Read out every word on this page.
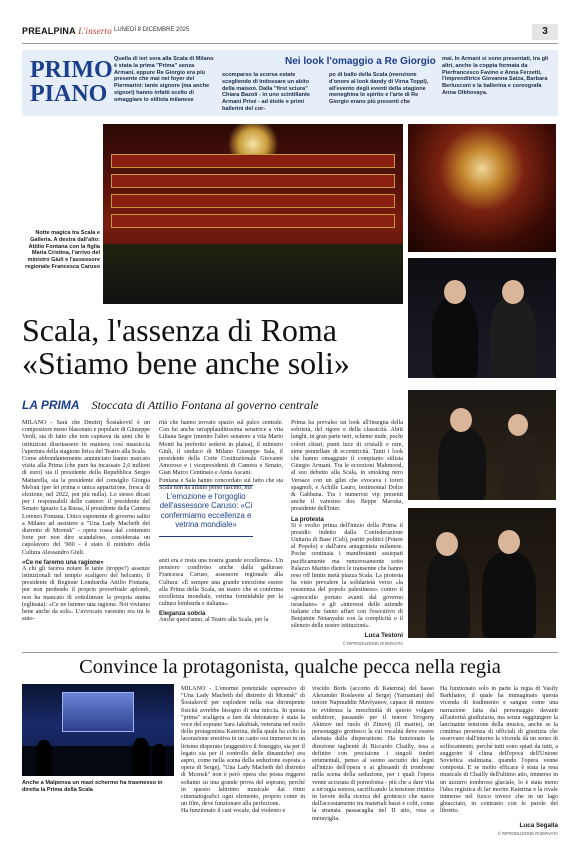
PREALPINA L'inserto LUNEDÌ 8 DICEMBRE 2025	3
PRIMO
PIANO
Quella di ieri sera alla Scala di Milano è stata la prima "Prima" senza Armani, eppure Re Giorgio era più presente che mai nei foyer del Piermarini: tante signore (ma anche signori) hanno infatti scelto di omaggiare lo stilista milanese
Nei look l'omaggio a Re Giorgio
scomparso la scorsa estate scegliendo di indossare un abito della maison. Dalla "first sciura" Chiara Bazoli - in uno scintillante Armani Privé - ad étoile e primi ballerini del cor-
po di ballo della Scala (menzione d'onore al look dandy di Virna Toppi), all'evento degli eventi della stagione meneghina lo spirito e l'arte di Re Giorgio erano più presenti che
mai. In Armani si sono presentati, tra gli altri, anche la coppia formata da Pierfrancesco Favino e Anna Ferzetti, l'imprenditrice Giovanna Salza, Barbara Berlusconi e la ballerina e coreografa Anna Olkhovaya.
Notte magica tra Scala e Galleria. A destra dall'alto: Attilio Fontana con la figlia Maria Cristina, l'arrivo del ministro Giuli e l'assessore regionale Francesca Caruso
Scala, l'assenza di Roma «Stiamo bene anche soli»
LA PRIMA Stoccata di Attilio Fontana al governo centrale

MILANO - Sarà che Dmitrij Šostakovič è un compositore meno blasonato e popolare di Giuseppe Verdi, sta di fatto che non capitava da anni che le istituzioni disertassero in maniera così massiccia l'apertura della stagione lirica del Teatro alla Scala.

Come abbondantemente annunciato hanno marcato visita alla Prima (che pure ha incassato 2,6 milioni di euro) sia il presidente della Repubblica Sergio Mattarella, sia la presidente del consiglio Giorgia Meloni (per lei prima e unica apparizione, fresca di elezione, nel 2022, poi più nulla). Lo stesso dicasi per i responsabili delle camere: il presidente del Senato Ignazio La Russa, il presidente della Camera Lorenzo Fontana. Unico esponente di governo salito a Milano ad assistere a "Una Lady Macbeth del distretto di Mcensk" - opera rossa dal contenuto forte per non dire scandaloso, considerata un capolavoro del '900 - è stato il ministro della Cultura Alessandro Giuli.

«Ce ne faremo una ragione»

A chi gli faceva notare le tante (troppe?) assenze istituzionali nel tempio scaligero del belcanto, il presidente di Regione Lombardia Attilio Fontana, pur non perdendo il proprio proverbiale aplomb, non ha mancato di sottolineare la propria amina (eglinata): «Ce ne faremo una ragione. Noi viviamo bene anche da soli». L'avvocato varesino era tra le auto-

rità che hanno trovato spazio sul palco centrale. Con lui anche un'applauditissima senatrice a vita Liliana Segre (mentre l'altro senatore a vita Mario Monti ha preferito sedersi in platea), il ministro Giuli, il sindaco di Milano Giuseppe Sala, il presidente della Corte Costituzionale Giovanni Amoroso e i vicepresidenti di Camera e Senato, Gian Marco Centinaio e Anna Ascani.

Fontana e Sala hanno concordato sul fatto che sta Scala non ha affatto perso fascino, ma

L'emozione e l'orgoglio dell'assessore Caruso: «Ci confermiamo eccellenza e vetrina mondiale»

anzi era e resta una nostra grande eccellenza». Un pensiero condiviso anche dalla gallurase Francesca Caruso, assessore regionale alla Cultura: «È sempre una grande emozione essere alla Prima della Scala, un teatro che si conferma eccellenza mondiale, vetrina formidabile per la cultura lombarda e italiana».

Eleganza sobria

Anche quest'anno, al Teatro alla Scala, per la

Prima ha prevalso un look all'insegna della sobrietà, del rigore e della classicità. Abiti lunghi, in gran parte neri, scheme nude, pochi colori chiari, punti luce di cristalli e rare, sime pennellate di eccentricità. Tanti i look che hanno omaggiato il compianto stilista Giorgio Armani. Tra le eccezioni Mahmood, al suo debutto alla Scala, in smoking nero Versace con un gilet che evocava i toreri spagnoli, e Achille Lauro, testimonial Dolce & Gabbana. Tra i numerosi vip presenti anche il varesino doc Beppe Marotta, presidente dell'Inter.

La protesta

Si è svolto prima dell'inizio della Prima il presidio indetto dalla Confederazione Unitaria di Base (Cub), partiti politici (Potere al Popolo) e dall'area antagonista milanese. Poche centinaia i manifestanti assiepati pacificamente ma rumorosamente sotto Palazzo Marino dietro le transenne che hanno reso off limits metà piazza Scala. La protesta ha visto prevalere la solidarietà verso «la resistenza del popolo palestinese» contro il «genocidio portato avanti dal governo israeliano» e gli «interessi delle aziende italiane che fanno affari con l'esecutivo di Benjamin Netanyahu con la complicità o il silenzio delle nostre istituzioni».

Luca Testoni
© RIPRODUZIONE RISERVATA
Convince la protagonista, qualche pecca nella regia
Anche a Malpensa un maxi schermo ha trasmesso in diretta la Prima della Scala

MILANO - L'enorme potenziale espressivo di "Una Lady Macbeth del distretto di Mcensk" di Šostakovič per esplodere nella sua dirompente fisicità avrebbe bisogno di una miccia. In questa "prima" scaligera a fare da detonatore è stata la voce del soprano Sara Jakubiak, veterana nel ruolo della protagonista Katerina, della quale ha colto la lacerazione emotiva in un canto ora immerso in un lirismo disperato (suggestivo il fraseggio, sia per il legato sia per il controllo delle dinamiche) ora aspro, come nella scena della seduzione esposta a opera di Sergej, "Una Lady Macbeth del distretto di Mcensk" non è però opera che possa reggersi soltanto su una grande prova del soprano, perché in questo labirinto musicale dai ritmi cinematografici ogni elemento, proprio come in un film, deve funzionare alla perfezione.

Ha funzionato il cast vocale, dal violento e

viscido Boris (accorto di Katerina) del basso Alexander Roslavets al Sergej (Yarnanian) del tenore Najmuddin Mavlyanov, capace di mettere in evidenza la meschinità di questo volgare seduttore, passando per il tenore Yevgeny Akimov nel ruolo di Zinovij (il marito), un personaggio grottesco la cui vocalità deve essere alienata dalla disperazione. Ha funzionato la direzione taglientè di Riccardo Chailly, tesa a definire con precisione i singoli timbri strumentali, penso al suono asciutto dei legni all'inizio dell'opera e ai glissandi di trombone nella scena della seduzione, per i quali l'opera venne accusata di pornofonia - più che a dare vita a un'orgia sonora, sacrificando la tensione ritmica in favore della ricerca del grottesco che nasce dall'accostamento tra materiali bassi e colti, come la stranata passacaglia nel II atto, resa a meraviglia.

Ha funzionato solo in parte la regia di Vasily Barkhatov, il quale ha immaginato questa vicenda di tradimento e sangue come una narrazione fatta dal personaggio davanti all'autorità giudiziaria, ma senza raggiungere la lancinante tensione della musica, anche se la continua presenza di ufficiali di giustizia che osservano dall'interno la vicenda dà un senso di soffocamento, perché tutti sono spiati da tutti, a suggerire il clima dell'epoca dell'Unione Sovietica staliniana, quando l'opera venne composta. E se molto efficace è stata la resa musicale di Chailly dell'ultimo atto, immerso in un azzurro tombroso glaciale, lo è stata meno l'idea registica di far morire Katerina e la rivale immerse nel fuoco invece che in un lago ghiacciato, in contrasto con le parole del libretto.

Luca Segalla
© RIPRODUZIONE RISERVATA
